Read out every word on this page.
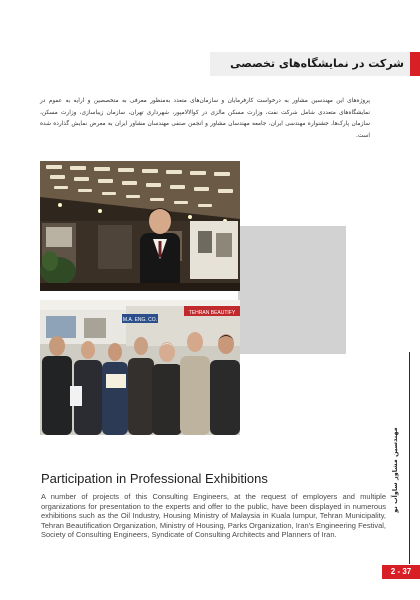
شرکت در نمایشگاه‌های تخصصی
پروژه‌های این مهندسین مشاور به درخواست کارفرمایان و سازمان‌های متعدد به‌منظور معرفی به متخصصین و ارایه به عموم در نمایشگاه‌های متعددی شامل شرکت نفت، وزارت مسکن مالزی در کوالالامپور، شهرداری تهران، سازمان زیباسازی، وزارت مسکن، سازمان پارک‌ها، جشنواره مهندسی ایران، جامعه مهندسان مشاور و انجمن صنفی مهندسان مشاور ایران به معرض نمایش گذارده شده است.
TEHRAN BEAUTIFY
M.A. ENG. CO.
مهندسین مشاور ساوآب نو
2 - 37
Participation in Professional Exhibitions
A number of projects of this Consulting Engineers, at the request of employers and multiple organizations for presentation to the experts and offer to the public, have been displayed in numerous exhibitions such as the Oil Industry, Housing Ministry of Malaysia in Kuala lumpur, Tehran Municipality, Tehran Beautification Organization, Ministry of Housing, Parks Organization, Iran's Engineering Festival, Society of Consulting Engineers, Syndicate of Consulting Architects and Planners of Iran.
